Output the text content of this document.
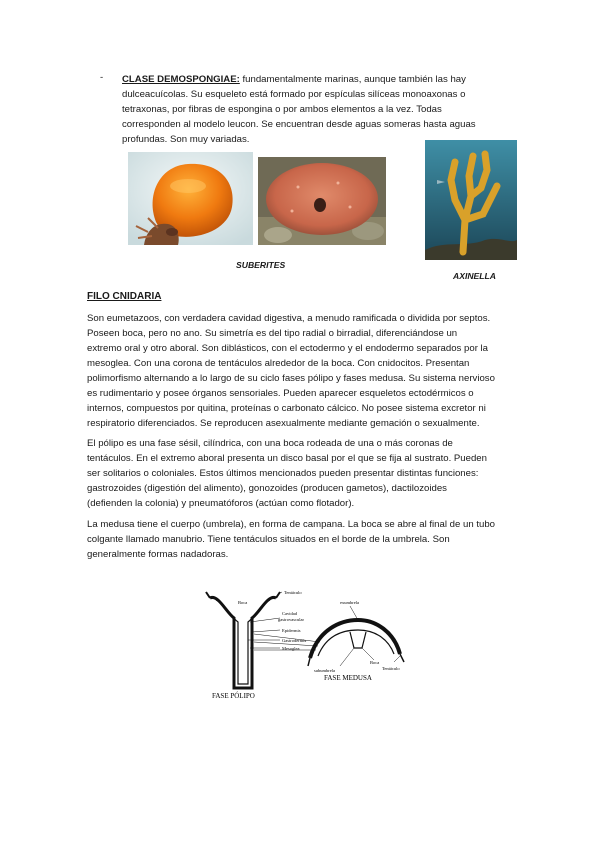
- CLASE DEMOSPONGIAE: fundamentalmente marinas, aunque también las hay
dulceacuícolas. Su esqueleto está formado por espículas silíceas monoaxonas o
tetraxonas, por fibras de espongina o por ambos elementos a la vez. Todas
corresponden al modelo leucon. Se encuentran desde aguas someras hasta aguas
profundas. Son muy variadas.
SUBERITES
AXINELLA
FILO CNIDARIA
Son eumetazoos, con verdadera cavidad digestiva, a menudo ramificada o dividida por septos.
Poseen boca, pero no ano. Su simetría es del tipo radial o birradial, diferenciándose un
extremo oral y otro aboral. Son diblásticos, con el ectodermo y el endodermo separados por la
mesoglea. Con una corona de tentáculos alrededor de la boca. Con cnidocitos. Presentan
polimorfismo alternando a lo largo de su ciclo fases pólipo y fases medusa. Su sistema nervioso
es rudimentario y posee órganos sensoriales. Pueden aparecer esqueletos ectodérmicos o
internos, compuestos por quitina, proteínas o carbonato cálcico. No posee sistema excretor ni
respiratorio diferenciados. Se reproducen asexualmente mediante gemación o sexualmente.
El pólipo es una fase sésil, cilíndrica, con una boca rodeada de una o más coronas de
tentáculos. En el extremo aboral presenta un disco basal por el que se fija al sustrato. Pueden
ser solitarios o coloniales. Estos últimos mencionados pueden presentar distintas funciones:
gastrozoides (digestión del alimento), gonozoides (producen gametos), dactilozoides
(defienden la colonia) y pneumatóforos (actúan como flotador).
La medusa tiene el cuerpo (umbrela), en forma de campana. La boca se abre al final de un tubo
colgante llamado manubrio. Tiene tentáculos situados en el borde de la umbrela. Son
generalmente formas nadadoras.
Boca
Tentáculo
Cavidad
gastrovascular
Epidermis
Gastrodermis
Mesoglea
exumbrela
Boca
Tentáculo
subumbrela
FASE PÓLIPO
FASE MEDUSA
